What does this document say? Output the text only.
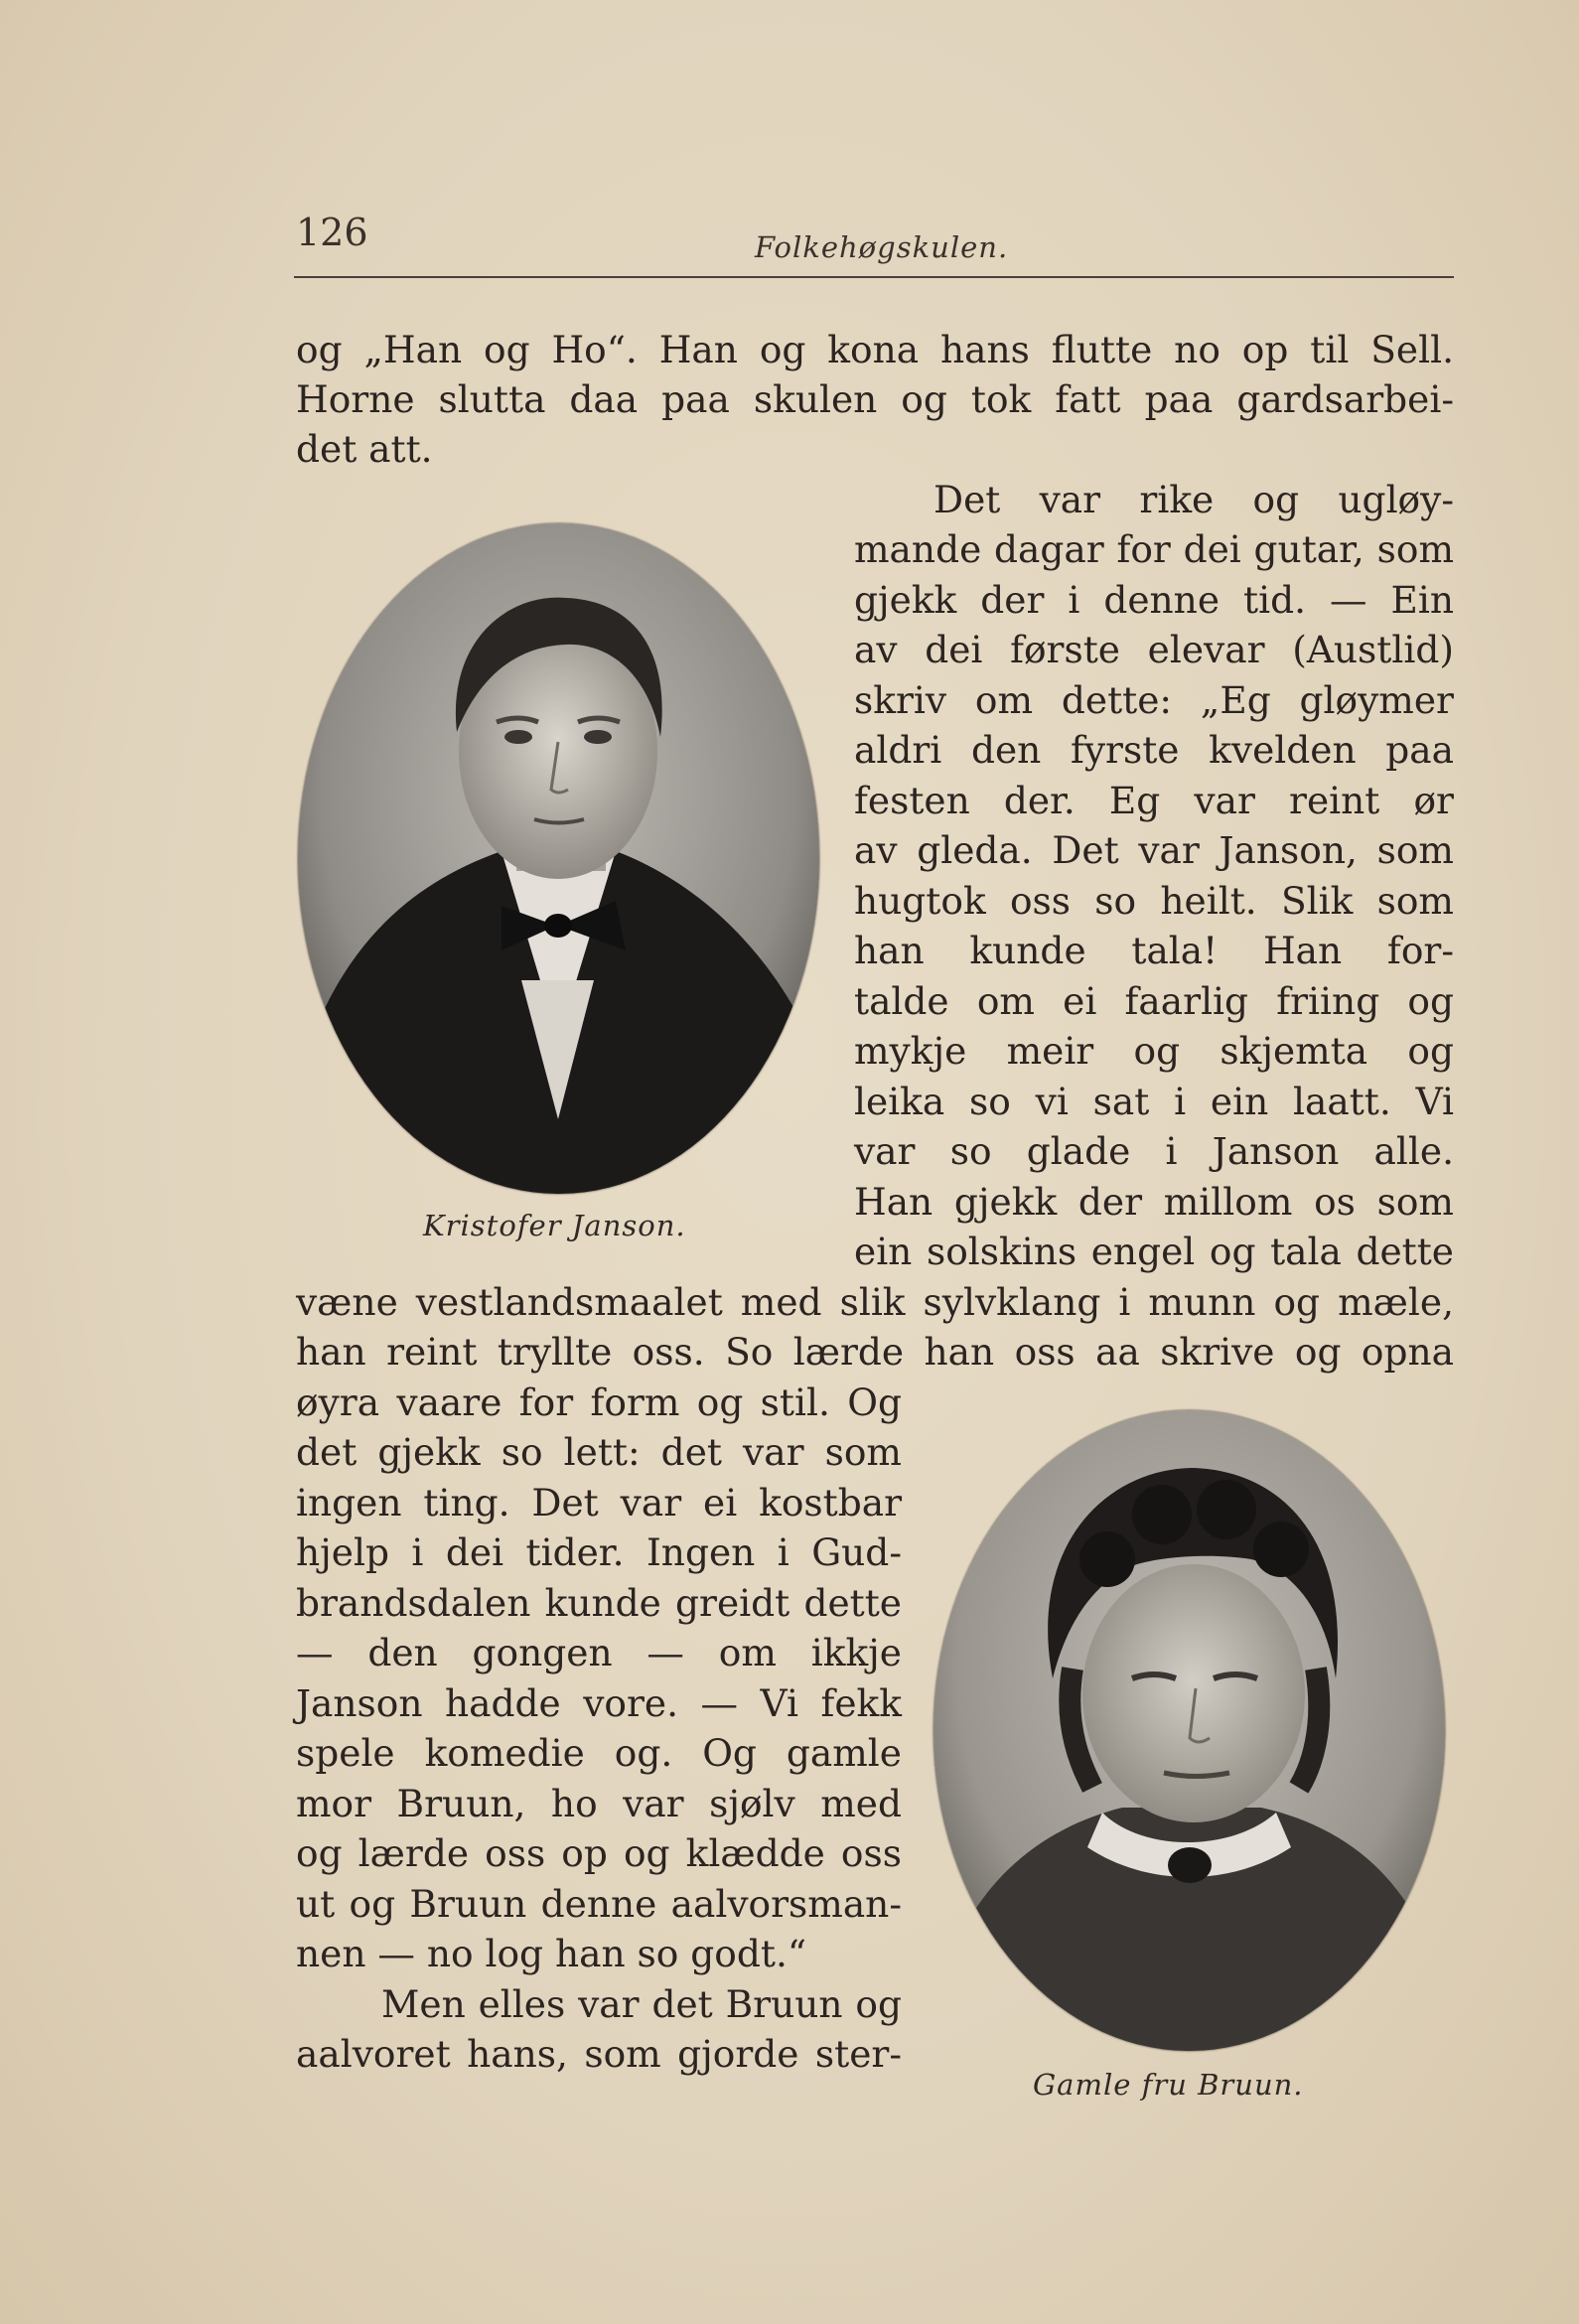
126	Folkehøgskulen.
og „Han og Ho“. Han og kona hans flutte no op til Sell.
Horne slutta daa paa skulen og tok fatt paa gardsarbei-
det att.
Det var rike og ugløy-
mande dagar for dei gutar, som
gjekk der i denne tid. — Ein
av dei første elevar (Austlid)
skriv om dette: „Eg gløymer
aldri den fyrste kvelden paa
festen der. Eg var reint ør
av gleda. Det var Janson, som
hugtok oss so heilt. Slik som
han kunde tala! Han for-
talde om ei faarlig friing og
mykje meir og skjemta og
leika so vi sat i ein laatt. Vi
var so glade i Janson alle.
Han gjekk der millom os som
ein solskins engel og tala dette
Kristofer Janson.
væne vestlandsmaalet med slik sylvklang i munn og mæle,
han reint tryllte oss. So lærde han oss aa skrive og opna
øyra vaare for form og stil. Og
det gjekk so lett: det var som
ingen ting. Det var ei kostbar
hjelp i dei tider. Ingen i Gud-
brandsdalen kunde greidt dette
— den gongen — om ikkje
Janson hadde vore. — Vi fekk
spele komedie og. Og gamle
mor Bruun, ho var sjølv med
og lærde oss op og klædde oss
ut og Bruun denne aalvorsman-
nen — no log han so godt.“
Men elles var det Bruun og
aalvoret hans, som gjorde ster-
Gamle fru Bruun.
